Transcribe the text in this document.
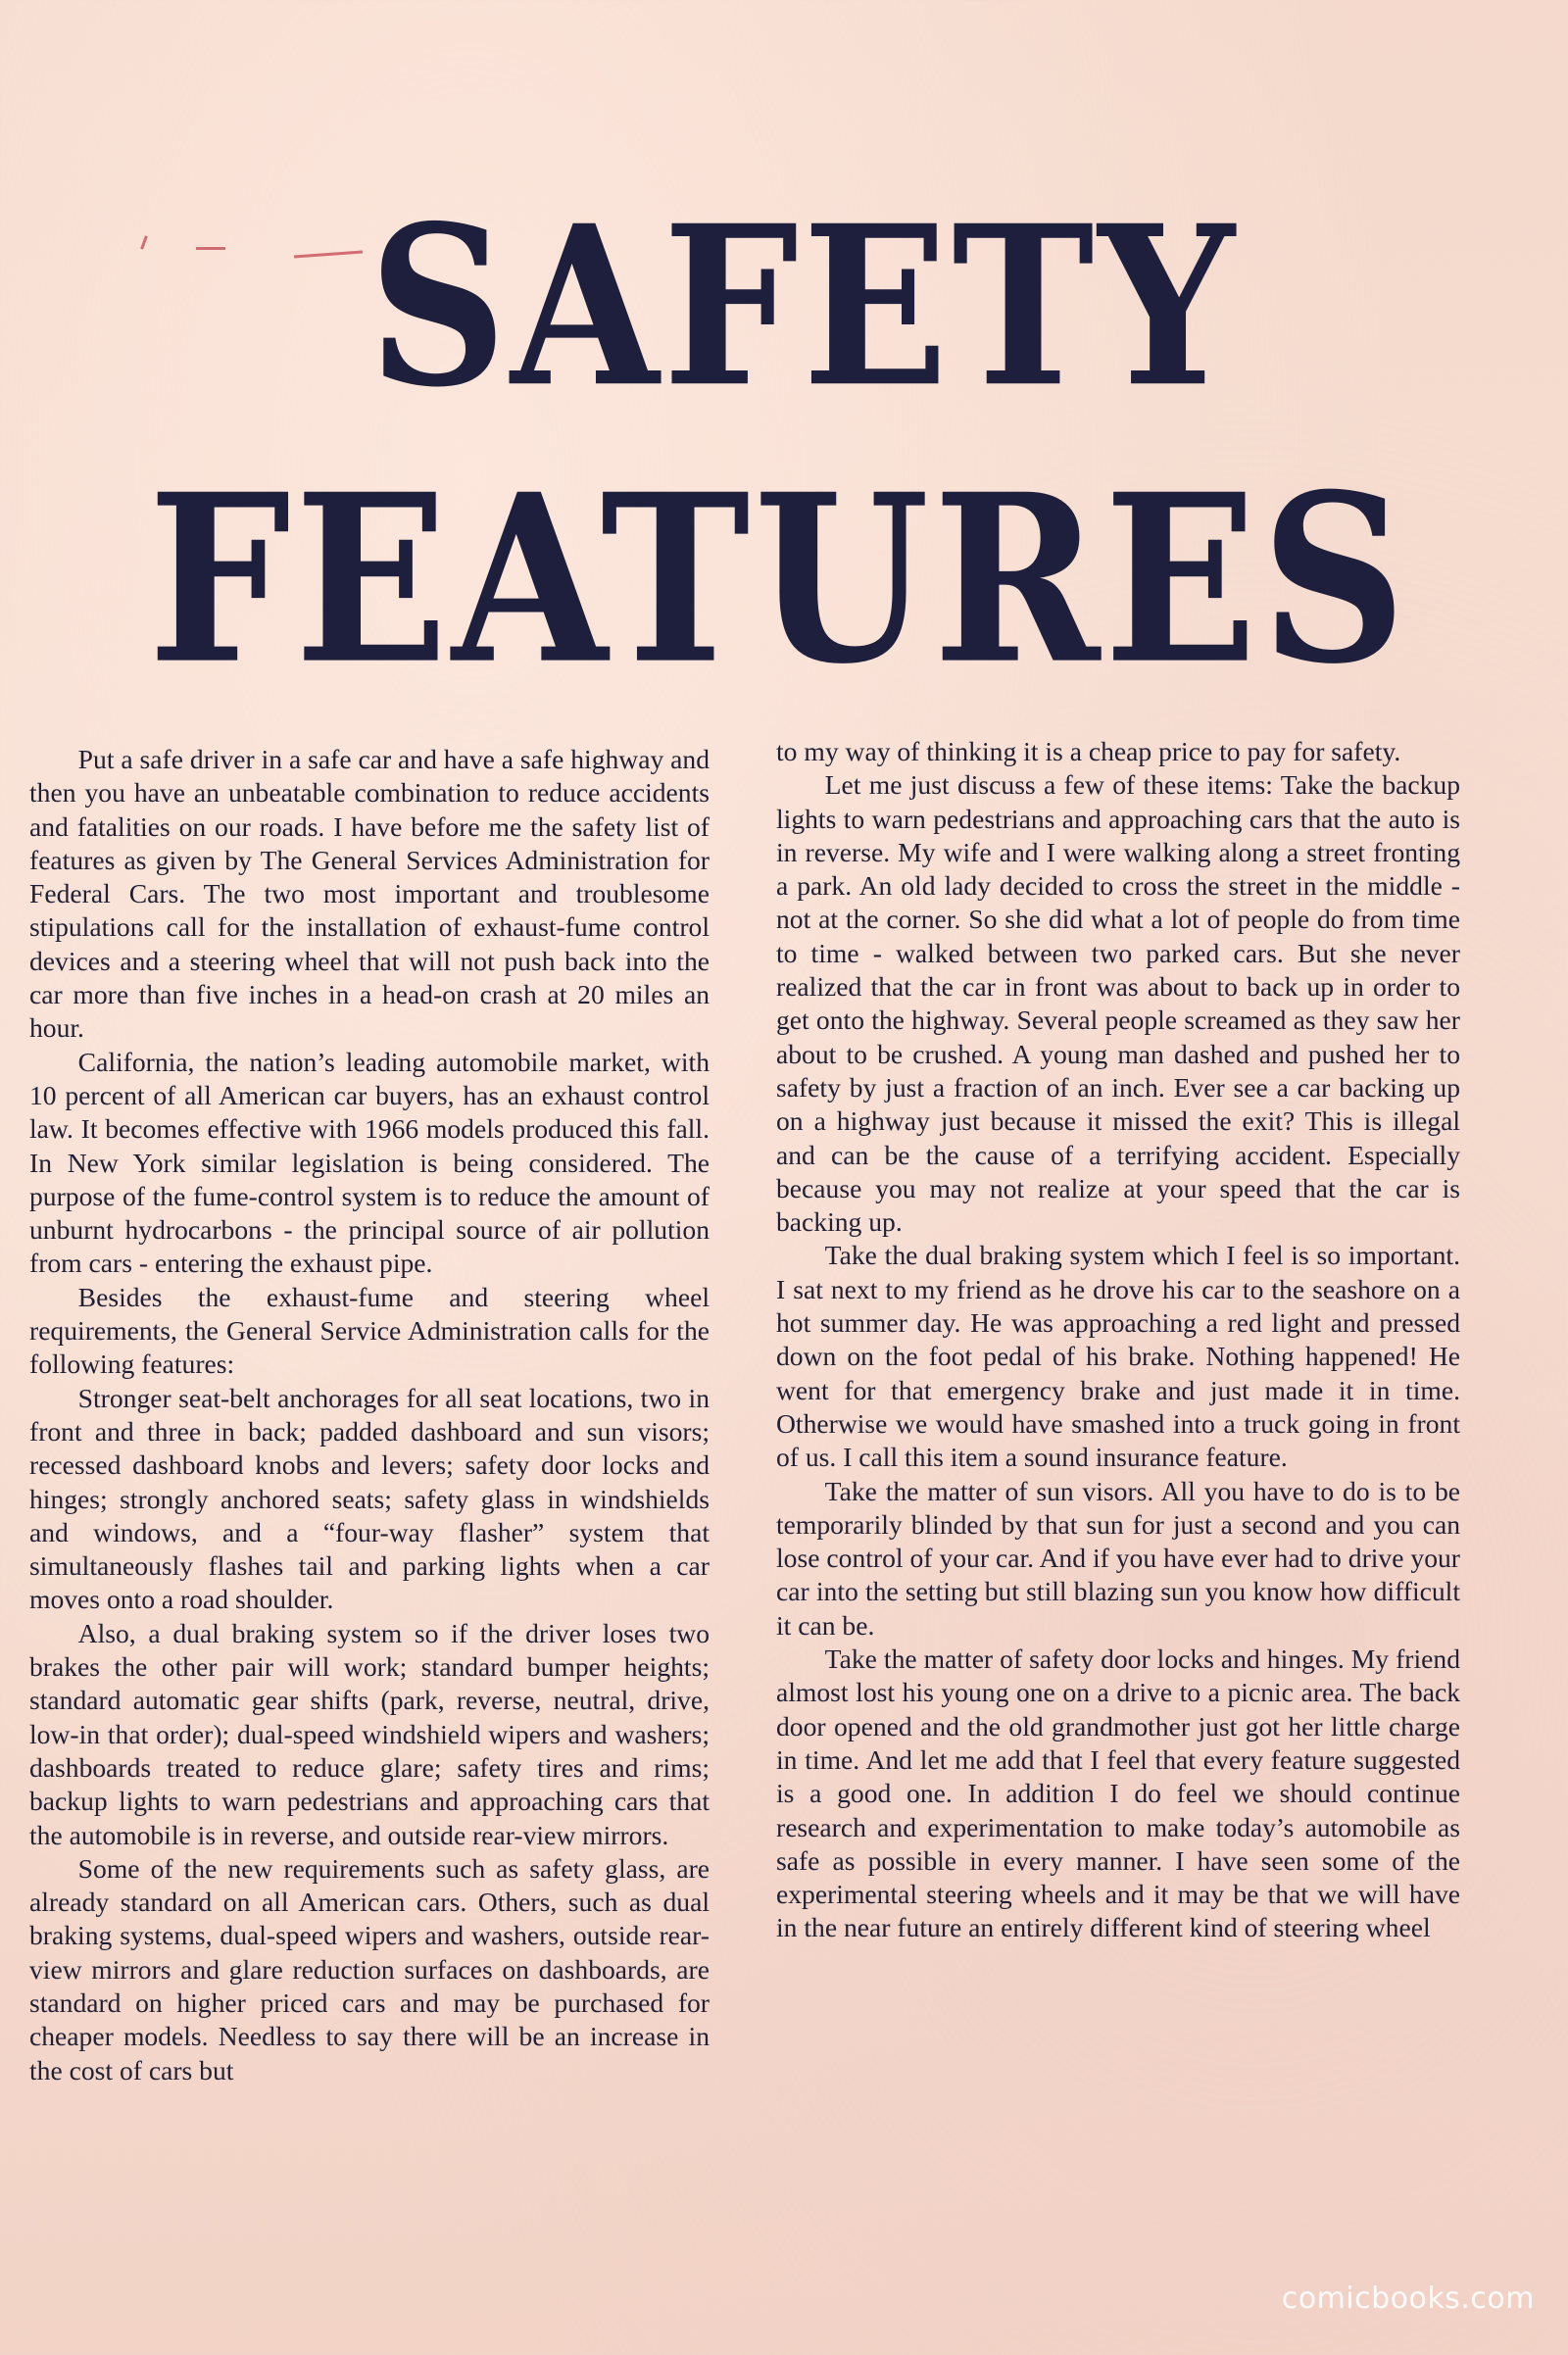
SAFETY
FEATURES

Put a safe driver in a safe car and have a safe highway and then you have an unbeatable combination to reduce accidents and fatalities on our roads. I have before me the safety list of features as given by The General Services Administration for Federal Cars. The two most important and troublesome stipulations call for the installation of exhaust-fume control devices and a steering wheel that will not push back into the car more than five inches in a head-on crash at 20 miles an hour.

California, the nation’s leading automobile market, with 10 percent of all American car buyers, has an exhaust control law. It becomes effective with 1966 models produced this fall. In New York similar legislation is being considered. The purpose of the fume-control system is to reduce the amount of unburnt hydrocarbons - the principal source of air pollution from cars - entering the exhaust pipe.

Besides the exhaust-fume and steering wheel requirements, the General Service Administration calls for the following features:

Stronger seat-belt anchorages for all seat locations, two in front and three in back; padded dashboard and sun visors; recessed dashboard knobs and levers; safety door locks and hinges; strongly anchored seats; safety glass in windshields and windows, and a “four-way flasher” system that simultaneously flashes tail and parking lights when a car moves onto a road shoulder.

Also, a dual braking system so if the driver loses two brakes the other pair will work; standard bumper heights; standard automatic gear shifts (park, reverse, neutral, drive, low-in that order); dual-speed windshield wipers and washers; dashboards treated to reduce glare; safety tires and rims; backup lights to warn pedestrians and approaching cars that the automobile is in reverse, and outside rear-view mirrors.

Some of the new requirements such as safety glass, are already standard on all American cars. Others, such as dual braking systems, dual-speed wipers and washers, outside rear-view mirrors and glare reduction surfaces on dashboards, are standard on higher priced cars and may be purchased for cheaper models. Needless to say there will be an increase in the cost of cars but

to my way of thinking it is a cheap price to pay for safety.

Let me just discuss a few of these items: Take the backup lights to warn pedestrians and approaching cars that the auto is in reverse. My wife and I were walking along a street fronting a park. An old lady decided to cross the street in the middle - not at the corner. So she did what a lot of people do from time to time - walked between two parked cars. But she never realized that the car in front was about to back up in order to get onto the highway. Several people screamed as they saw her about to be crushed. A young man dashed and pushed her to safety by just a fraction of an inch. Ever see a car backing up on a highway just because it missed the exit? This is illegal and can be the cause of a terrifying accident. Especially because you may not realize at your speed that the car is backing up.

Take the dual braking system which I feel is so important. I sat next to my friend as he drove his car to the seashore on a hot summer day. He was approaching a red light and pressed down on the foot pedal of his brake. Nothing happened! He went for that emergency brake and just made it in time. Otherwise we would have smashed into a truck going in front of us. I call this item a sound insurance feature.

Take the matter of sun visors. All you have to do is to be temporarily blinded by that sun for just a second and you can lose control of your car. And if you have ever had to drive your car into the setting but still blazing sun you know how difficult it can be.

Take the matter of safety door locks and hinges. My friend almost lost his young one on a drive to a picnic area. The back door opened and the old grandmother just got her little charge in time. And let me add that I feel that every feature suggested is a good one. In addition I do feel we should continue research and experimentation to make today’s automobile as safe as possible in every manner. I have seen some of the experimental steering wheels and it may be that we will have in the near future an entirely different kind of steering wheel

comicbooks.com
